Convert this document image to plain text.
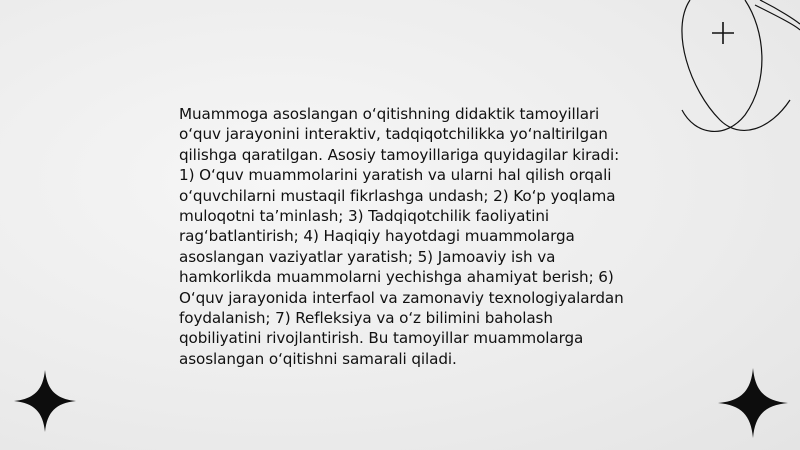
Muammoga asoslangan o‘qitishning didaktik tamoyillari o‘quv jarayonini interaktiv, tadqiqotchilikka yo‘naltirilgan qilishga qaratilgan. Asosiy tamoyillariga quyidagilar kiradi: 1) O‘quv muammolarini yaratish va ularni hal qilish orqali o‘quvchilarni mustaqil fikrlashga undash; 2) Ko‘p yoqlama muloqotni ta’minlash; 3) Tadqiqotchilik faoliyatini rag‘batlantirish; 4) Haqiqiy hayotdagi muammolarga asoslangan vaziyatlar yaratish; 5) Jamoaviy ish va hamkorlikda muammolarni yechishga ahamiyat berish; 6) O‘quv jarayonida interfaol va zamonaviy texnologiyalardan foydalanish; 7) Refleksiya va o‘z bilimini baholash qobiliyatini rivojlantirish. Bu tamoyillar muammolarga asoslangan o‘qitishni samarali qiladi.
